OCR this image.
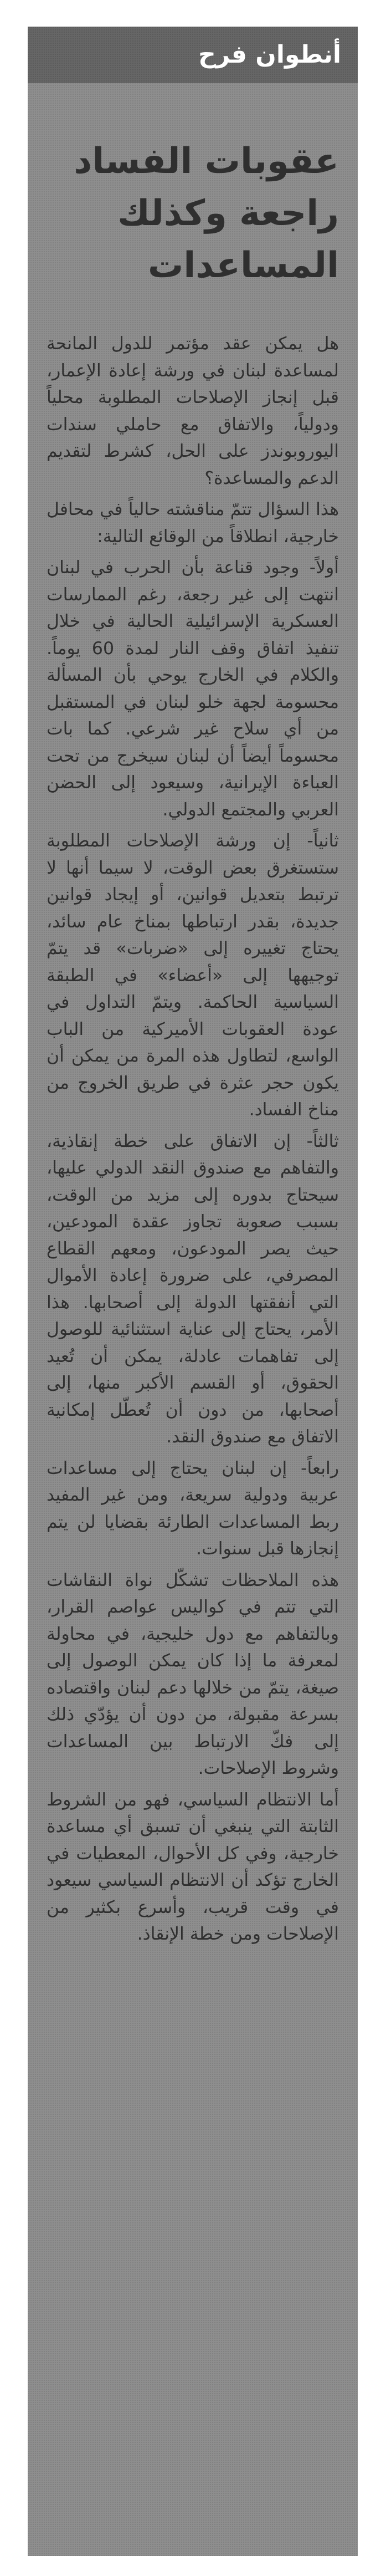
أنطوان فرح
عقوبات الفساد راجعة وكذلك المساعدات

هل يمكن عقد مؤتمر للدول المانحة لمساعدة لبنان في ورشة إعادة الإعمار، قبل إنجاز الإصلاحات المطلوبة محلياً ودولياً، والاتفاق مع حاملي سندات اليوروبوندز على الحل، كشرط لتقديم الدعم والمساعدة؟

هذا السؤال تتمّ مناقشته حالياً في محافل خارجية، انطلاقاً من الوقائع التالية:

أولاً- وجود قناعة بأن الحرب في لبنان انتهت إلى غير رجعة، رغم الممارسات العسكرية الإسرائيلية الحالية في خلال تنفيذ اتفاق وقف النار لمدة 60 يوماً. والكلام في الخارج يوحي بأن المسألة محسومة لجهة خلو لبنان في المستقبل من أي سلاح غير شرعي. كما بات محسوماً أيضاً أن لبنان سيخرج من تحت العباءة الإيرانية، وسيعود إلى الحضن العربي والمجتمع الدولي.

ثانياً- إن ورشة الإصلاحات المطلوبة ستستغرق بعض الوقت، لا سيما أنها لا ترتبط بتعديل قوانين، أو إيجاد قوانين جديدة، بقدر ارتباطها بمناخ عام سائد، يحتاج تغييره إلى «ضربات» قد يتمّ توجيهها إلى «أعضاء» في الطبقة السياسية الحاكمة. ويتمّ التداول في عودة العقوبات الأميركية من الباب الواسع، لتطاول هذه المرة من يمكن أن يكون حجر عثرة في طريق الخروج من مناخ الفساد.

ثالثاً- إن الاتفاق على خطة إنقاذية، والتفاهم مع صندوق النقد الدولي عليها، سيحتاج بدوره إلى مزيد من الوقت، بسبب صعوبة تجاوز عقدة المودعين، حيث يصر المودعون، ومعهم القطاع المصرفي، على ضرورة إعادة الأموال التي أنفقتها الدولة إلى أصحابها. هذا الأمر، يحتاج إلى عناية استثنائية للوصول إلى تفاهمات عادلة، يمكن أن تُعيد الحقوق، أو القسم الأكبر منها، إلى أصحابها، من دون أن تُعطّل إمكانية الاتفاق مع صندوق النقد.

رابعاً- إن لبنان يحتاج إلى مساعدات عربية ودولية سريعة، ومن غير المفيد ربط المساعدات الطارئة بقضايا لن يتم إنجازها قبل سنوات.

هذه الملاحظات تشكّل نواة النقاشات التي تتم في كواليس عواصم القرار، وبالتفاهم مع دول خليجية، في محاولة لمعرفة ما إذا كان يمكن الوصول إلى صيغة، يتمّ من خلالها دعم لبنان واقتصاده بسرعة مقبولة، من دون أن يؤدّي ذلك إلى فكّ الارتباط بين المساعدات وشروط الإصلاحات.

أما الانتظام السياسي، فهو من الشروط الثابتة التي ينبغي أن تسبق أي مساعدة خارجية، وفي كل الأحوال، المعطيات في الخارج تؤكد أن الانتظام السياسي سيعود في وقت قريب، وأسرع بكثير من الإصلاحات ومن خطة الإنقاذ.
